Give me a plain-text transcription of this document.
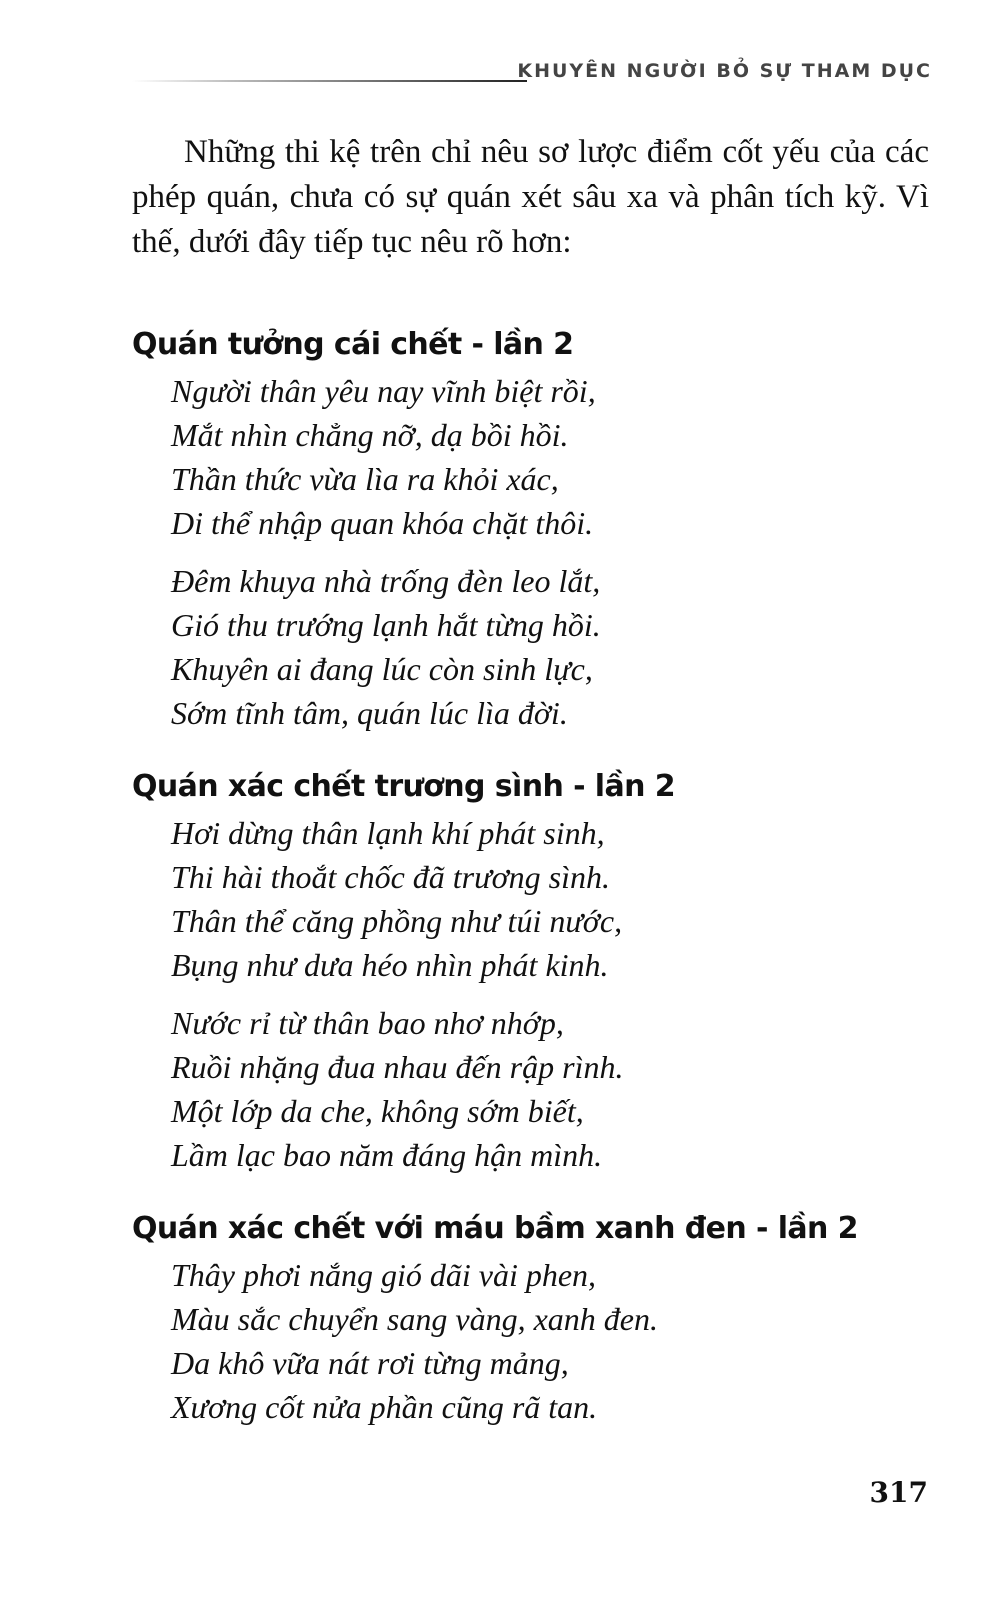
KHUYÊN NGƯỜI BỎ SỰ THAM DỤC

Những thi kệ trên chỉ nêu sơ lược điểm cốt yếu của các phép quán, chưa có sự quán xét sâu xa và phân tích kỹ. Vì thế, dưới đây tiếp tục nêu rõ hơn:

Quán tưởng cái chết - lần 2
Người thân yêu nay vĩnh biệt rồi,
Mắt nhìn chẳng nỡ, dạ bồi hồi.
Thần thức vừa lìa ra khỏi xác,
Di thể nhập quan khóa chặt thôi.
Đêm khuya nhà trống đèn leo lắt,
Gió thu trướng lạnh hắt từng hồi.
Khuyên ai đang lúc còn sinh lực,
Sớm tĩnh tâm, quán lúc lìa đời.
Quán xác chết trương sình - lần 2
Hơi dừng thân lạnh khí phát sinh,
Thi hài thoắt chốc đã trương sình.
Thân thể căng phồng như túi nước,
Bụng như dưa héo nhìn phát kinh.
Nước rỉ từ thân bao nhơ nhớp,
Ruồi nhặng đua nhau đến rập rình.
Một lớp da che, không sớm biết,
Lầm lạc bao năm đáng hận mình.
Quán xác chết với máu bầm xanh đen - lần 2
Thây phơi nắng gió dãi vài phen,
Màu sắc chuyển sang vàng, xanh đen.
Da khô vữa nát rơi từng mảng,
Xương cốt nửa phần cũng rã tan.
317
